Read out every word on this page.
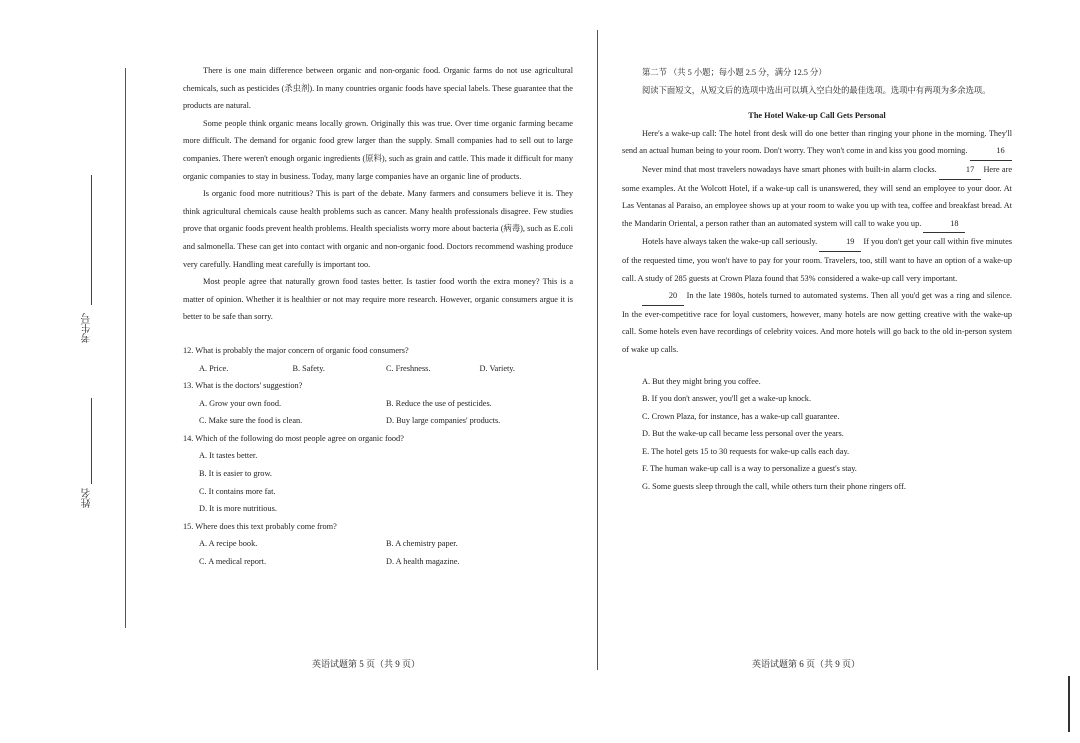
考生号
姓名

There is one main difference between organic and non-organic food. Organic farms do not use agricultural chemicals, such as pesticides (杀虫剂). In many countries organic foods have special labels. These guarantee that the products are natural.

Some people think organic means locally grown. Originally this was true. Over time organic farming became more difficult. The demand for organic food grew larger than the supply. Small companies had to sell out to large companies. There weren't enough organic ingredients (原料), such as grain and cattle. This made it difficult for many organic companies to stay in business. Today, many large companies have an organic line of products.

Is organic food more nutritious? This is part of the debate. Many farmers and consumers believe it is. They think agricultural chemicals cause health problems such as cancer. Many health professionals disagree. Few studies prove that organic foods prevent health problems. Health specialists worry more about bacteria (病毒), such as E.coli and salmonella. These can get into contact with organic and non-organic food. Doctors recommend washing produce very carefully. Handling meat carefully is important too.

Most people agree that naturally grown food tastes better. Is tastier food worth the extra money? This is a matter of opinion. Whether it is healthier or not may require more research. However, organic consumers argue it is better to be safe than sorry.

12. What is probably the major concern of organic food consumers?
A. Price.	B. Safety.	C. Freshness.	D. Variety.
13. What is the doctors' suggestion?
A. Grow your own food.	B. Reduce the use of pesticides.
C. Make sure the food is clean.	D. Buy large companies' products.
14. Which of the following do most people agree on organic food?
A. It tastes better.
B. It is easier to grow.
C. It contains more fat.
D. It is more nutritious.
15. Where does this text probably come from?
A. A recipe book.	B. A chemistry paper.
C. A medical report.	D. A health magazine.
英语试题第 5 页（共 9 页）

第二节 （共 5 小题；每小题 2.5 分，满分 12.5 分）

阅读下面短文，从短文后的选项中选出可以填入空白处的最佳选项。选项中有两项为多余选项。

The Hotel Wake-up Call Gets Personal

Here's a wake-up call: The hotel front desk will do one better than ringing your phone in the morning. They'll send an actual human being to your room. Don't worry. They won't come in and kiss you good morning.	16

Never mind that most travelers nowadays have smart phones with built-in alarm clocks.	17 Here are some examples. At the Wolcott Hotel, if a wake-up call is unanswered, they will send an employee to your door. At Las Ventanas al Paraiso, an employee shows up at your room to wake you up with tea, coffee and breakfast bread. At the Mandarin Oriental, a person rather than an automated system will call to wake you up.	18

Hotels have always taken the wake-up call seriously.	19 If you don't get your call within five minutes of the requested time, you won't have to pay for your room. Travelers, too, still want to have an option of a wake-up call. A study of 285 guests at Crown Plaza found that 53% considered a wake-up call very important.

20 In the late 1980s, hotels turned to automated systems. Then all you'd get was a ring and silence. In the ever-competitive race for loyal customers, however, many hotels are now getting creative with the wake-up call. Some hotels even have recordings of celebrity voices. And more hotels will go back to the old in-person system of wake up calls.

A. But they might bring you coffee.
B. If you don't answer, you'll get a wake-up knock.
C. Crown Plaza, for instance, has a wake-up call guarantee.
D. But the wake-up call became less personal over the years.
E. The hotel gets 15 to 30 requests for wake-up calls each day.
F. The human wake-up call is a way to personalize a guest's stay.
G. Some guests sleep through the call, while others turn their phone ringers off.
英语试题第 6 页（共 9 页）
